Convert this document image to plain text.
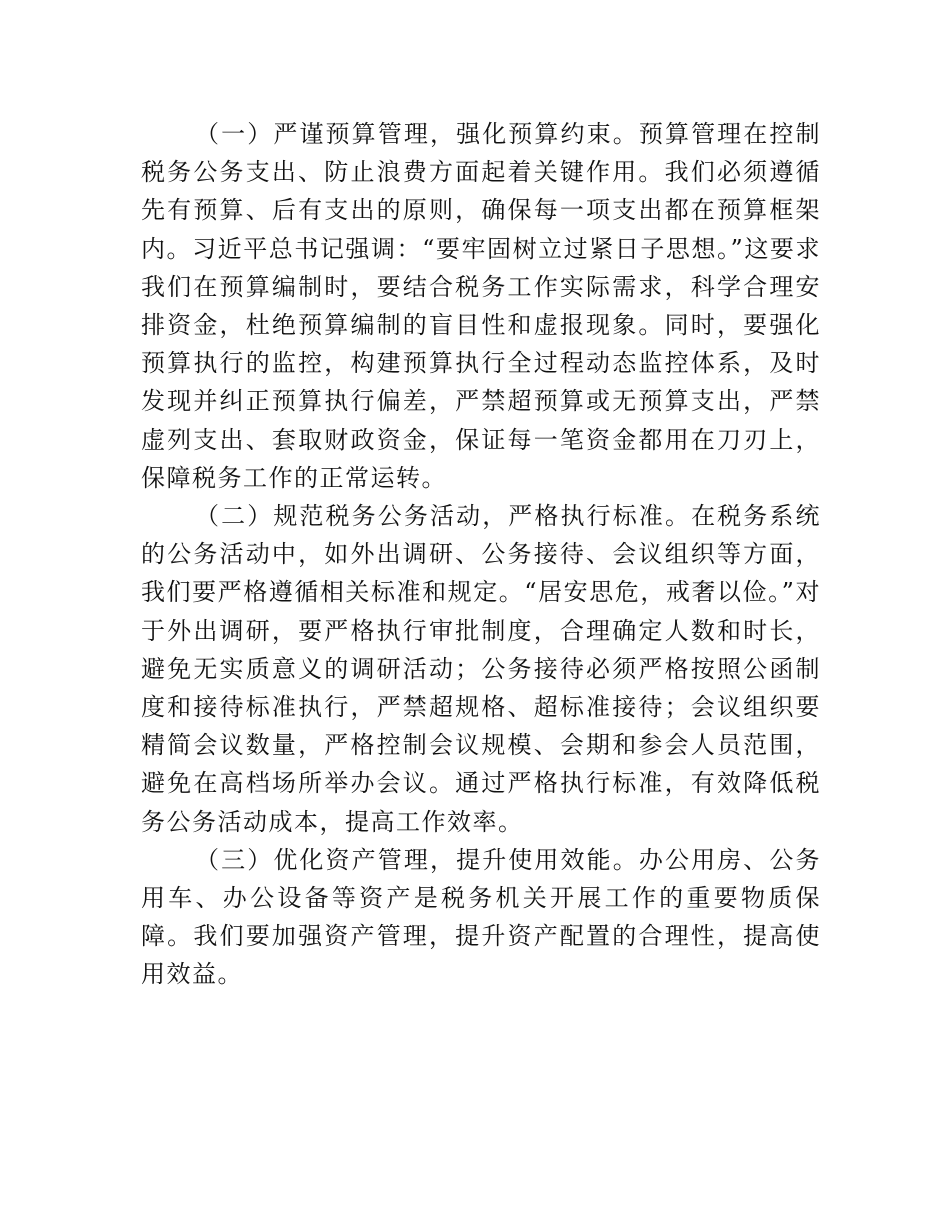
（一）严谨预算管理，强化预算约束。预算管理在控制税务公务支出、防止浪费方面起着关键作用。我们必须遵循先有预算、后有支出的原则，确保每一项支出都在预算框架内。习近平总书记强调：“要牢固树立过紧日子思想。”这要求我们在预算编制时，要结合税务工作实际需求，科学合理安排资金，杜绝预算编制的盲目性和虚报现象。同时，要强化预算执行的监控，构建预算执行全过程动态监控体系，及时发现并纠正预算执行偏差，严禁超预算或无预算支出，严禁虚列支出、套取财政资金，保证每一笔资金都用在刀刃上，保障税务工作的正常运转。

（二）规范税务公务活动，严格执行标准。在税务系统的公务活动中，如外出调研、公务接待、会议组织等方面，我们要严格遵循相关标准和规定。“居安思危，戒奢以俭。”对于外出调研，要严格执行审批制度，合理确定人数和时长，避免无实质意义的调研活动；公务接待必须严格按照公函制度和接待标准执行，严禁超规格、超标准接待；会议组织要精简会议数量，严格控制会议规模、会期和参会人员范围，避免在高档场所举办会议。通过严格执行标准，有效降低税务公务活动成本，提高工作效率。

（三）优化资产管理，提升使用效能。办公用房、公务用车、办公设备等资产是税务机关开展工作的重要物质保障。我们要加强资产管理，提升资产配置的合理性，提高使用效益。
